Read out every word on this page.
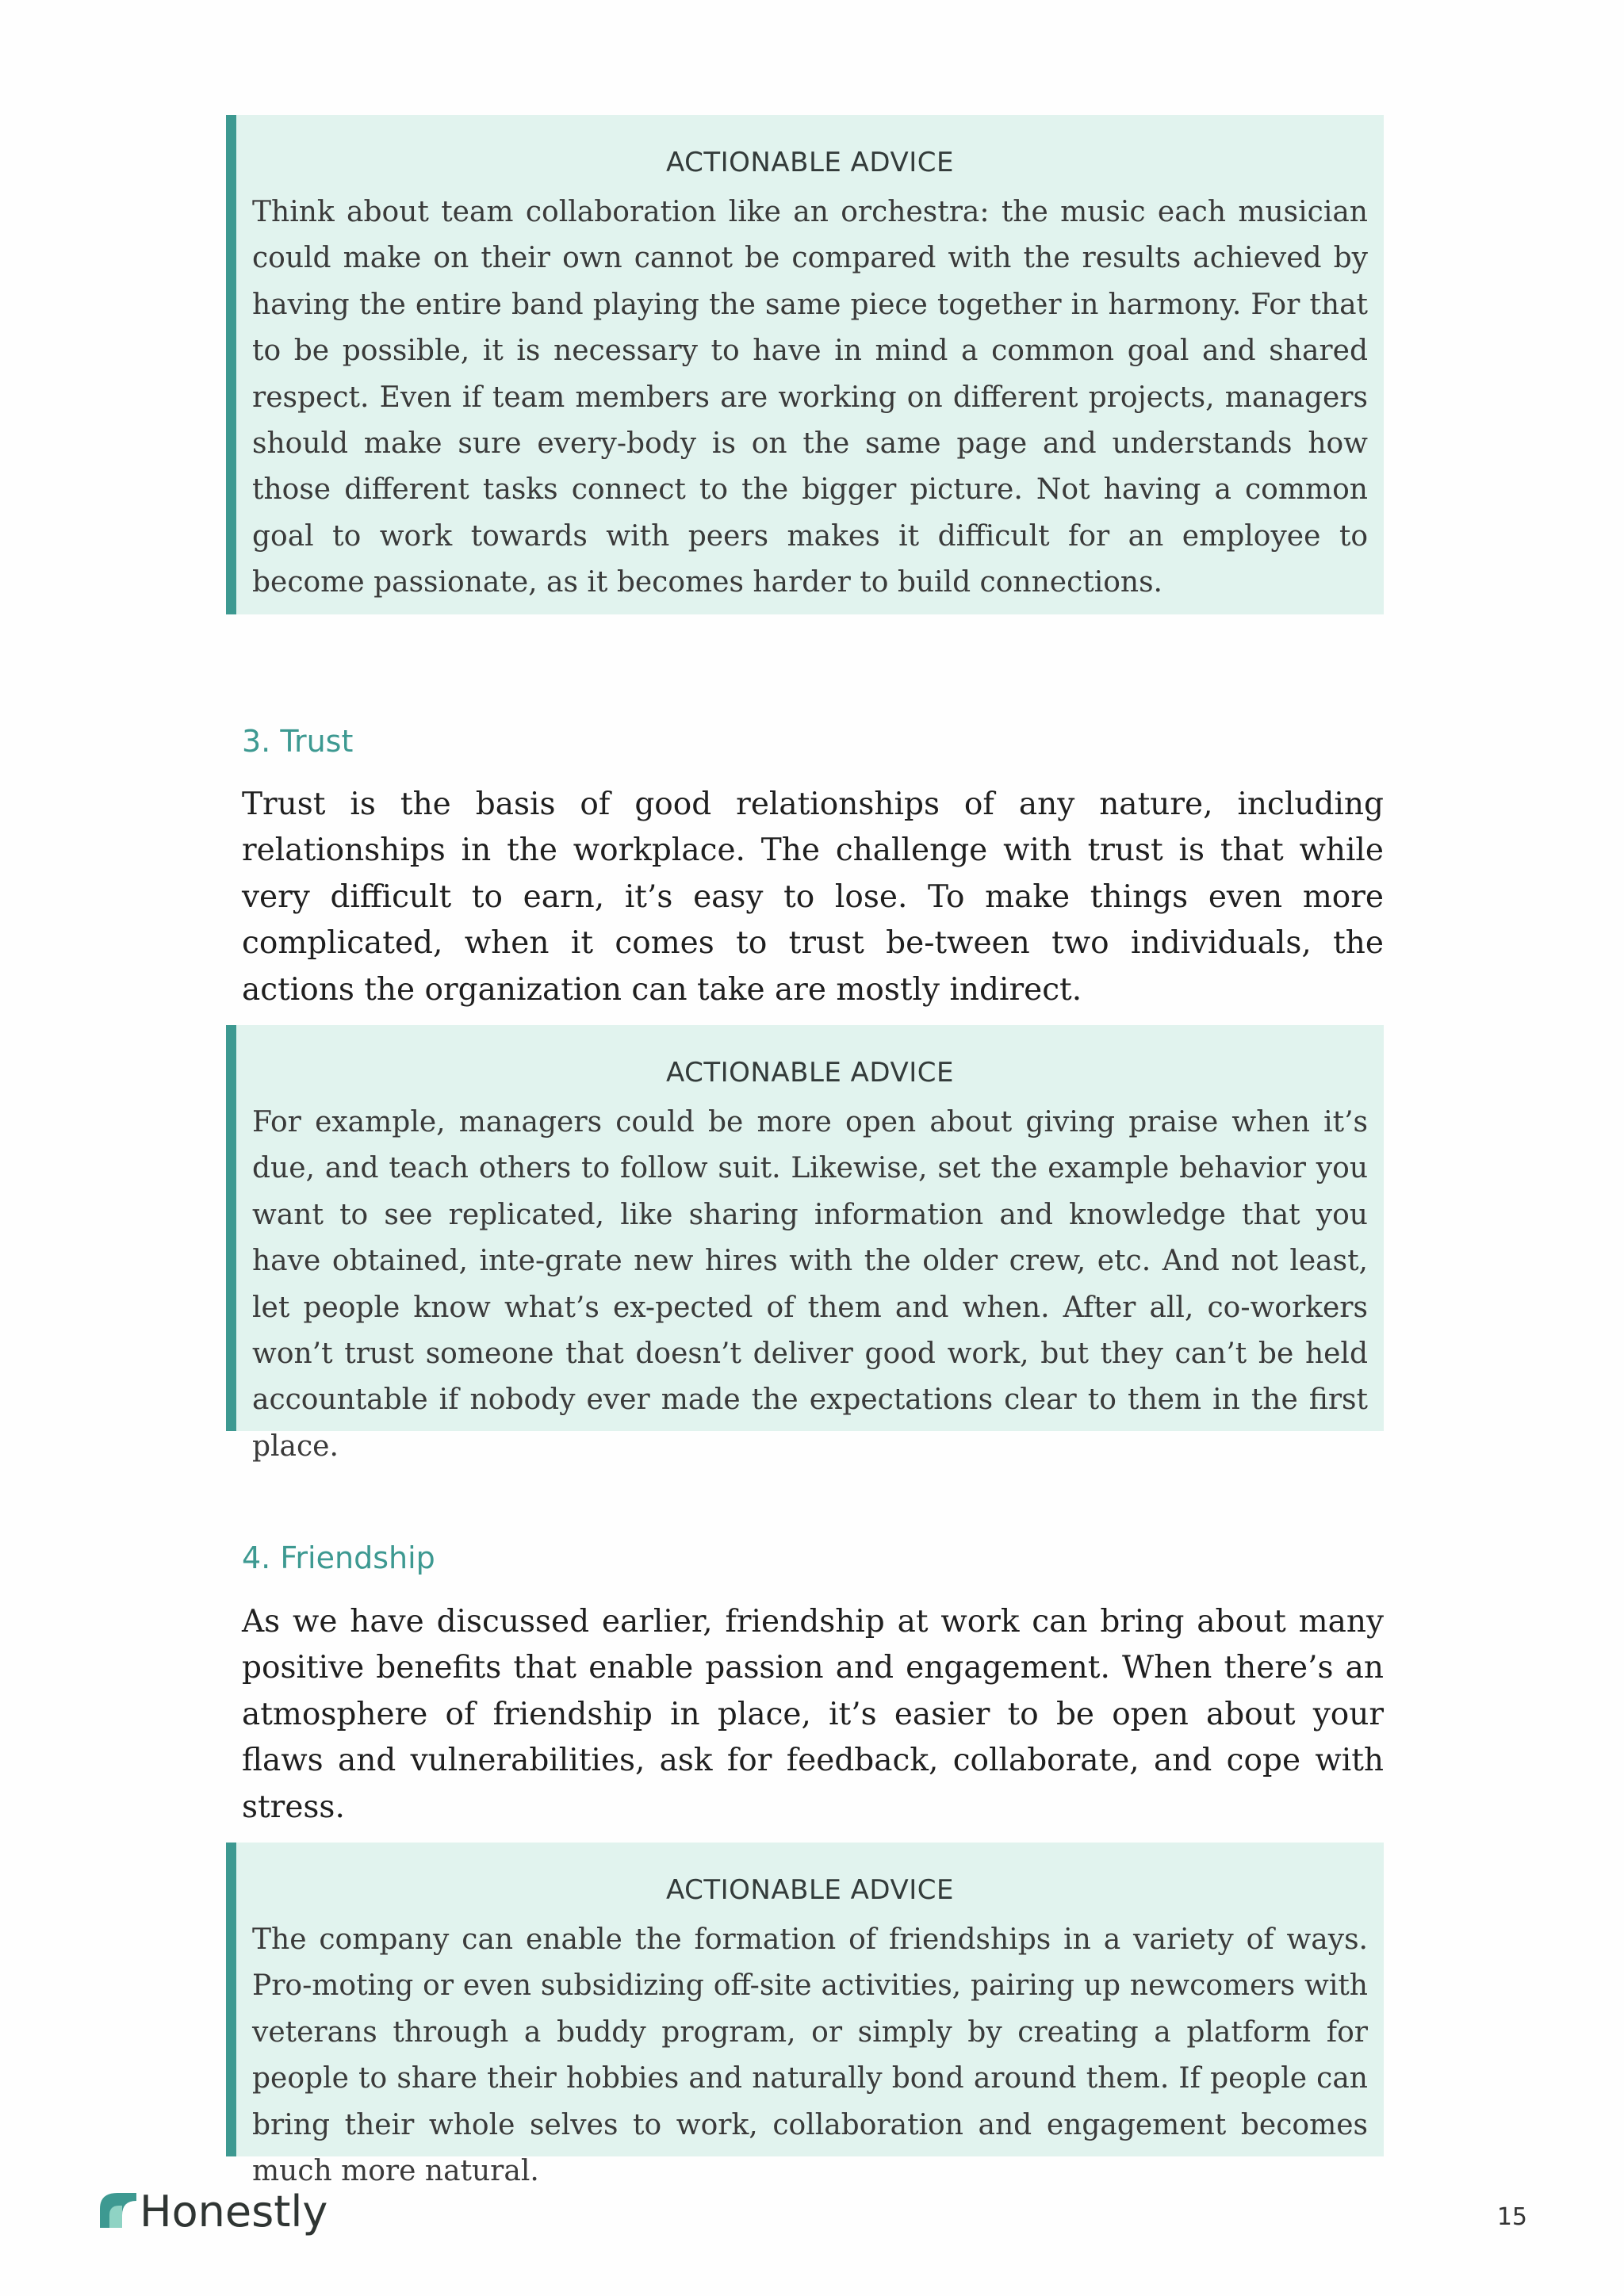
ACTIONABLE ADVICE
Think about team collaboration like an orchestra: the music each musician could make on their own cannot be compared with the results achieved by having the entire band playing the same piece together in harmony. For that to be possible, it is necessary to have in mind a common goal and shared respect. Even if team members are working on different projects, managers should make sure every-body is on the same page and understands how those different tasks connect to the bigger picture. Not having a common goal to work towards with peers makes it difficult for an employee to become passionate, as it becomes harder to build connections.
3. Trust
Trust is the basis of good relationships of any nature, including relationships in the workplace. The challenge with trust is that while very difficult to earn, it’s easy to lose. To make things even more complicated, when it comes to trust be-tween two individuals, the actions the organization can take are mostly indirect.
ACTIONABLE ADVICE
For example, managers could be more open about giving praise when it’s due, and teach others to follow suit. Likewise, set the example behavior you want to see replicated, like sharing information and knowledge that you have obtained, inte-grate new hires with the older crew, etc. And not least, let people know what’s ex-pected of them and when. After all, co-workers won’t trust someone that doesn’t deliver good work, but they can’t be held accountable if nobody ever made the expectations clear to them in the first place.
4. Friendship
As we have discussed earlier, friendship at work can bring about many positive benefits that enable passion and engagement. When there’s an atmosphere of friendship in place, it’s easier to be open about your flaws and vulnerabilities, ask for feedback, collaborate, and cope with stress.
ACTIONABLE ADVICE
The company can enable the formation of friendships in a variety of ways. Pro-moting or even subsidizing off-site activities, pairing up newcomers with veterans through a buddy program, or simply by creating a platform for people to share their hobbies and naturally bond around them. If people can bring their whole selves to work, collaboration and engagement becomes much more natural.
Honestly	15
